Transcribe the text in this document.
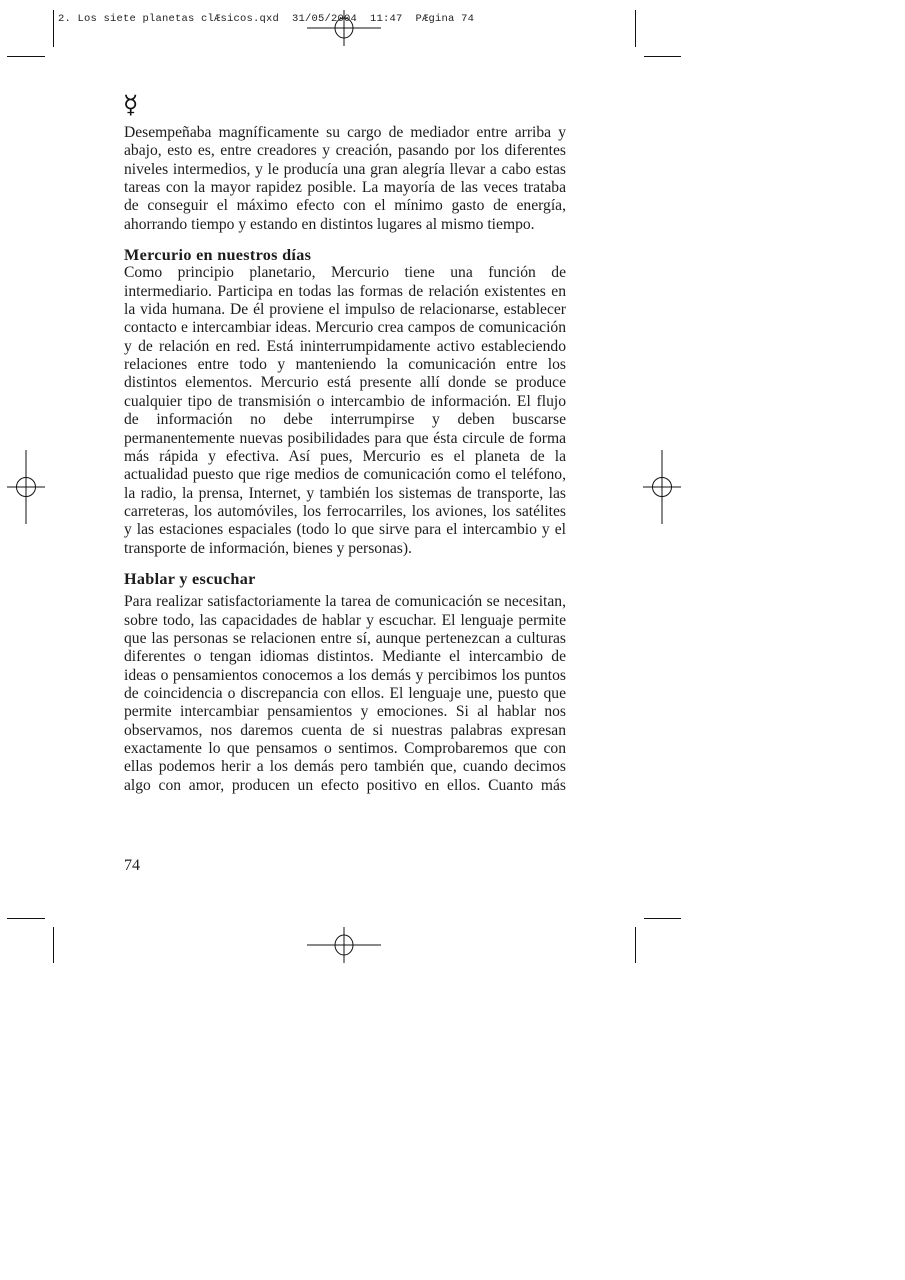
2. Los siete planetas clÆsicos.qxd  31/05/2004  11:47  PÆgina 74
☿

Desempeñaba magníficamente su cargo de mediador entre arriba y abajo, esto es, entre creadores y creación, pasando por los diferentes niveles intermedios, y le producía una gran alegría llevar a cabo estas tareas con la mayor rapidez posible. La mayoría de las veces trataba de conseguir el máximo efecto con el mínimo gasto de energía, ahorrando tiempo y estando en distintos lugares al mismo tiempo.

Mercurio en nuestros días

Como principio planetario, Mercurio tiene una función de intermediario. Participa en todas las formas de relación existentes en la vida humana. De él proviene el impulso de relacionarse, establecer contacto e intercambiar ideas. Mercurio crea campos de comunicación y de relación en red. Está ininterrumpidamente activo estableciendo relaciones entre todo y manteniendo la comunicación entre los distintos elementos. Mercurio está presente allí donde se produce cualquier tipo de transmisión o intercambio de información. El flujo de información no debe interrumpirse y deben buscarse permanentemente nuevas posibilidades para que ésta circule de forma más rápida y efectiva. Así pues, Mercurio es el planeta de la actualidad puesto que rige medios de comunicación como el teléfono, la radio, la prensa, Internet, y también los sistemas de transporte, las carreteras, los automóviles, los ferrocarriles, los aviones, los satélites y las estaciones espaciales (todo lo que sirve para el intercambio y el transporte de información, bienes y personas).

Hablar y escuchar

Para realizar satisfactoriamente la tarea de comunicación se necesitan, sobre todo, las capacidades de hablar y escuchar. El lenguaje permite que las personas se relacionen entre sí, aunque pertenezcan a culturas diferentes o tengan idiomas distintos. Mediante el intercambio de ideas o pensamientos conocemos a los demás y percibimos los puntos de coincidencia o discrepancia con ellos. El lenguaje une, puesto que permite intercambiar pensamientos y emociones. Si al hablar nos observamos, nos daremos cuenta de si nuestras palabras expresan exactamente lo que pensamos o sentimos. Comprobaremos que con ellas podemos herir a los demás pero también que, cuando decimos algo con amor, producen un efecto positivo en ellos. Cuanto más

74
